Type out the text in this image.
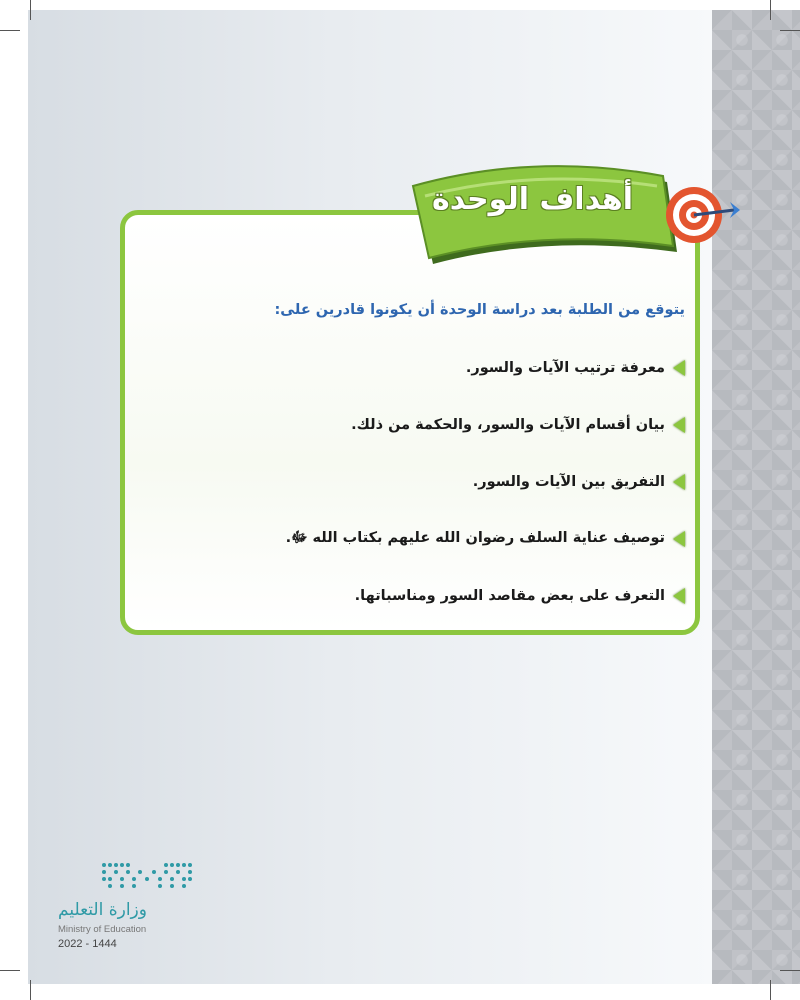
أهداف الوحدة
يتوقع من الطلبة بعد دراسة الوحدة أن يكونوا قادرين على:
معرفة ترتيب الآيات والسور.
بيان أقسام الآيات والسور، والحكمة من ذلك.
التفريق بين الآيات والسور.
توصيف عناية السلف رضوان الله عليهم بكتاب الله ﷻ.
التعرف على بعض مقاصد السور ومناسباتها.
وزارة التعليم
Ministry of Education
2022 - 1444
